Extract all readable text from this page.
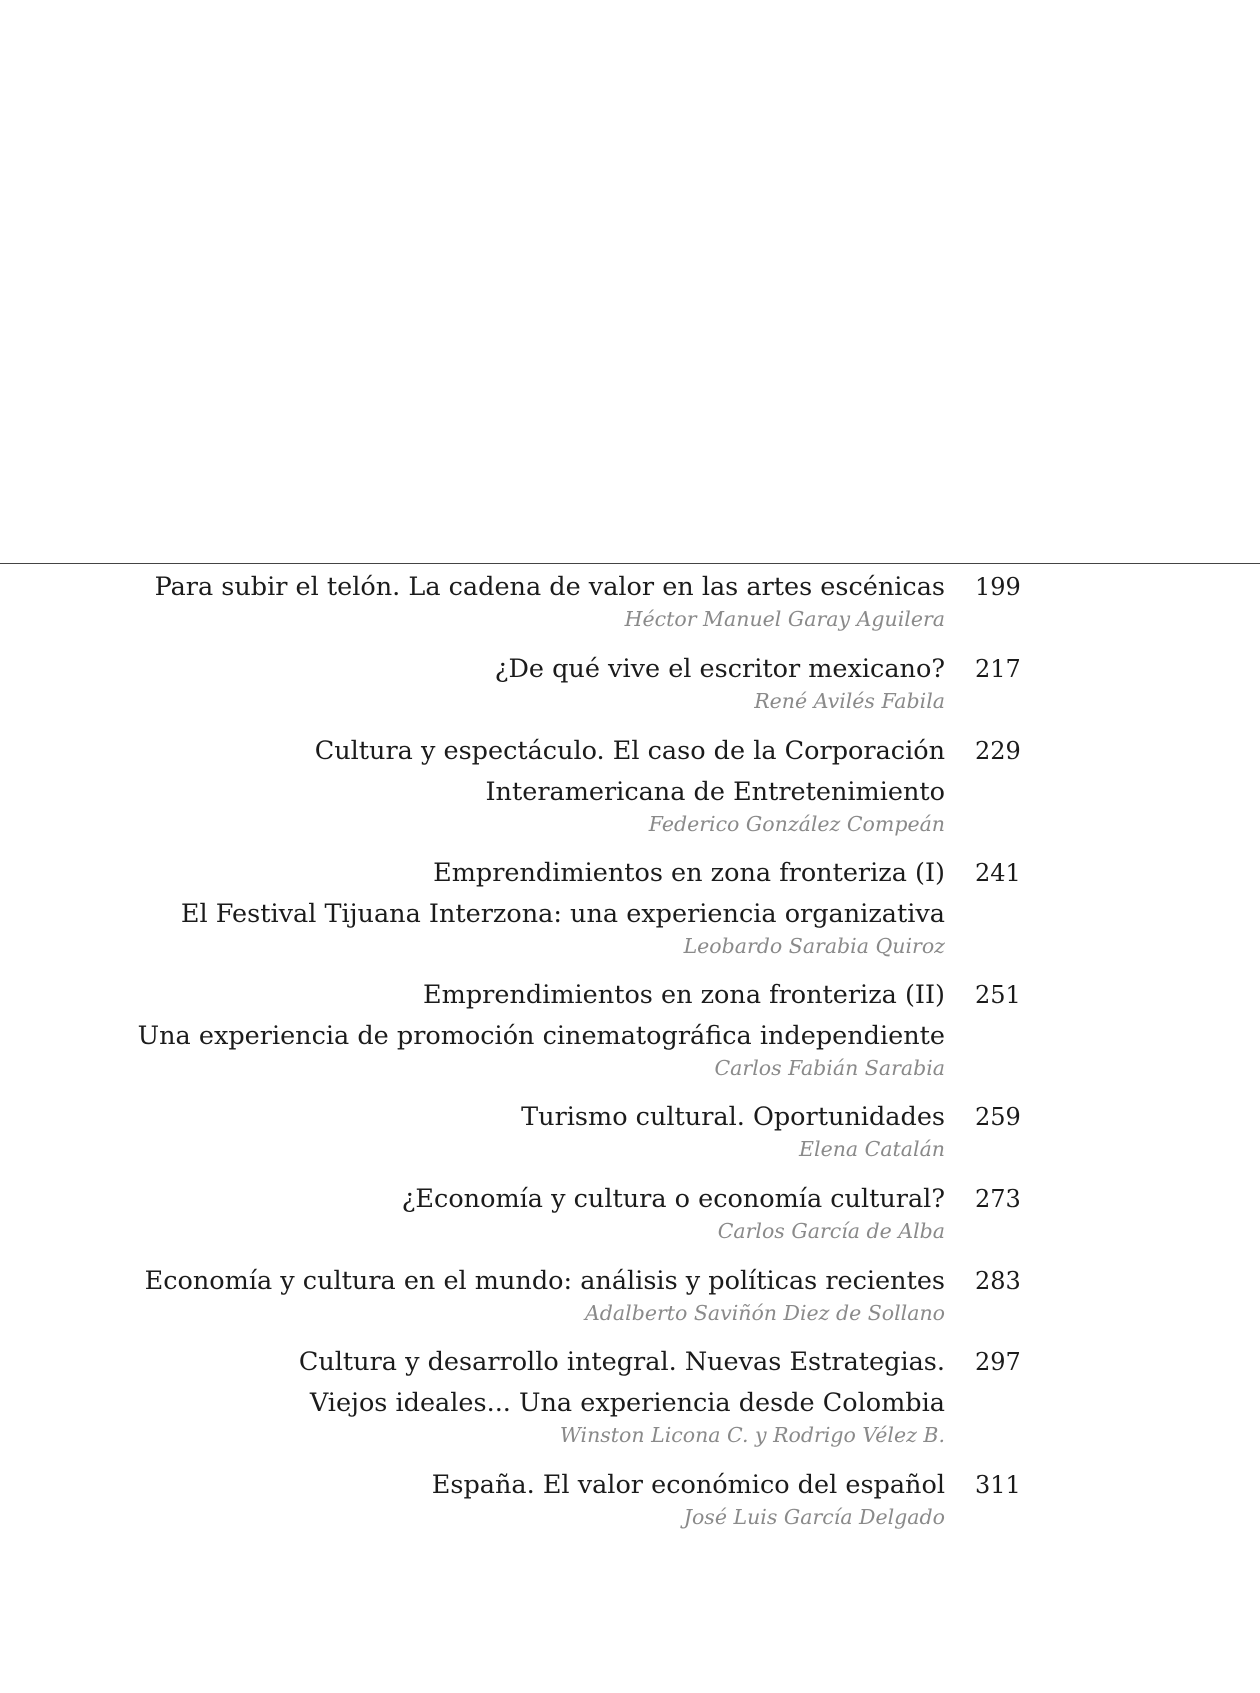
Para subir el telón. La cadena de valor en las artes escénicas 199
Héctor Manuel Garay Aguilera
¿De qué vive el escritor mexicano? 217
René Avilés Fabila
Cultura y espectáculo. El caso de la Corporación
Interamericana de Entretenimiento
229
Federico González Compeán
Emprendimientos en zona fronteriza (I)
El Festival Tijuana Interzona: una experiencia organizativa
241
Leobardo Sarabia Quiroz
Emprendimientos en zona fronteriza (II)
Una experiencia de promoción cinematográfica independiente
251
Carlos Fabián Sarabia
Turismo cultural. Oportunidades 259
Elena Catalán
¿Economía y cultura o economía cultural? 273
Carlos García de Alba
Economía y cultura en el mundo: análisis y políticas recientes 283
Adalberto Saviñón Diez de Sollano
Cultura y desarrollo integral. Nuevas Estrategias.
Viejos ideales... Una experiencia desde Colombia
297
Winston Licona C. y Rodrigo Vélez B.
España. El valor económico del español 311
José Luis García Delgado
